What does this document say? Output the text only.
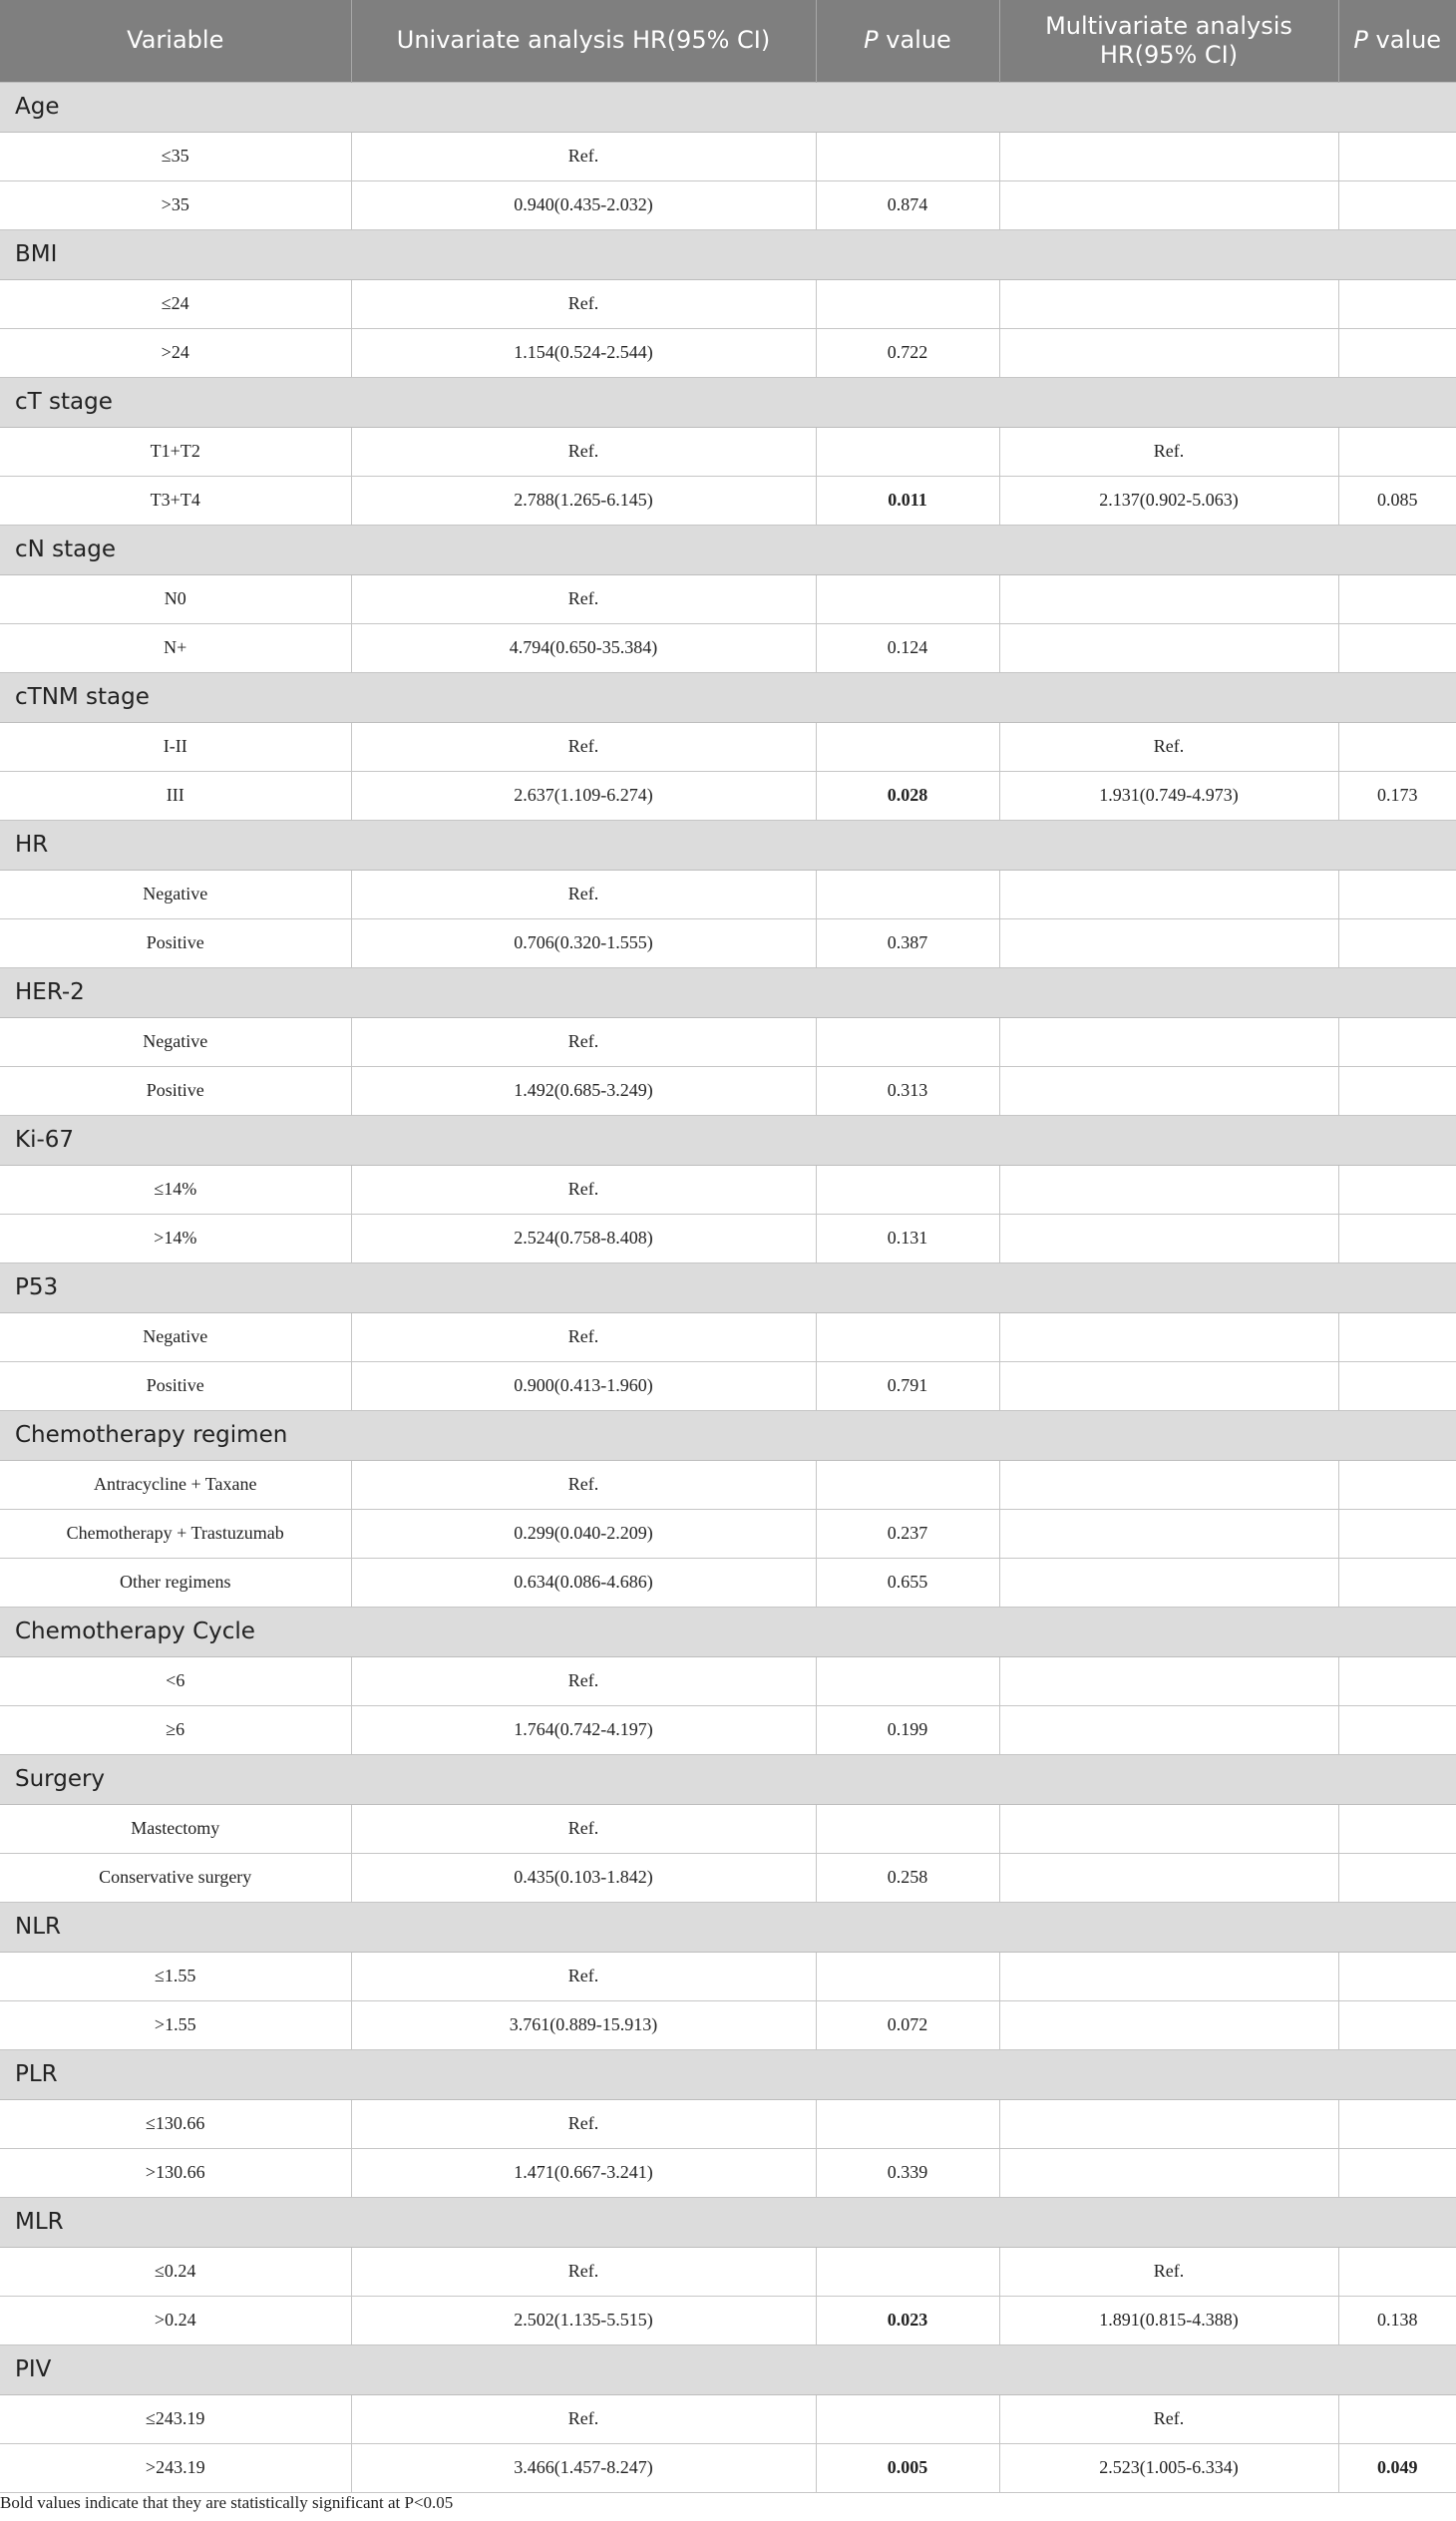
Variable	Univariate analysis HR(95% CI)	P value	Multivariate analysis HR(95% CI)	P value
Age				
≤35	Ref.			
>35	0.940(0.435-2.032)	0.874		
BMI				
≤24	Ref.			
>24	1.154(0.524-2.544)	0.722		
cT stage				
T1+T2	Ref.		Ref.	
T3+T4	2.788(1.265-6.145)	0.011	2.137(0.902-5.063)	0.085
cN stage				
N0	Ref.			
N+	4.794(0.650-35.384)	0.124		
cTNM stage				
I-II	Ref.		Ref.	
III	2.637(1.109-6.274)	0.028	1.931(0.749-4.973)	0.173
HR				
Negative	Ref.			
Positive	0.706(0.320-1.555)	0.387		
HER-2				
Negative	Ref.			
Positive	1.492(0.685-3.249)	0.313		
Ki-67				
≤14%	Ref.			
>14%	2.524(0.758-8.408)	0.131		
P53				
Negative	Ref.			
Positive	0.900(0.413-1.960)	0.791		
Chemotherapy regimen				
Antracycline + Taxane	Ref.			
Chemotherapy + Trastuzumab	0.299(0.040-2.209)	0.237		
Other regimens	0.634(0.086-4.686)	0.655		
Chemotherapy Cycle				
<6	Ref.			
≥6	1.764(0.742-4.197)	0.199		
Surgery				
Mastectomy	Ref.			
Conservative surgery	0.435(0.103-1.842)	0.258		
NLR				
≤1.55	Ref.			
>1.55	3.761(0.889-15.913)	0.072		
PLR				
≤130.66	Ref.			
>130.66	1.471(0.667-3.241)	0.339		
MLR				
≤0.24	Ref.		Ref.	
>0.24	2.502(1.135-5.515)	0.023	1.891(0.815-4.388)	0.138
PIV				
≤243.19	Ref.		Ref.	
>243.19	3.466(1.457-8.247)	0.005	2.523(1.005-6.334)	0.049
Bold values indicate that they are statistically significant at P<0.05
